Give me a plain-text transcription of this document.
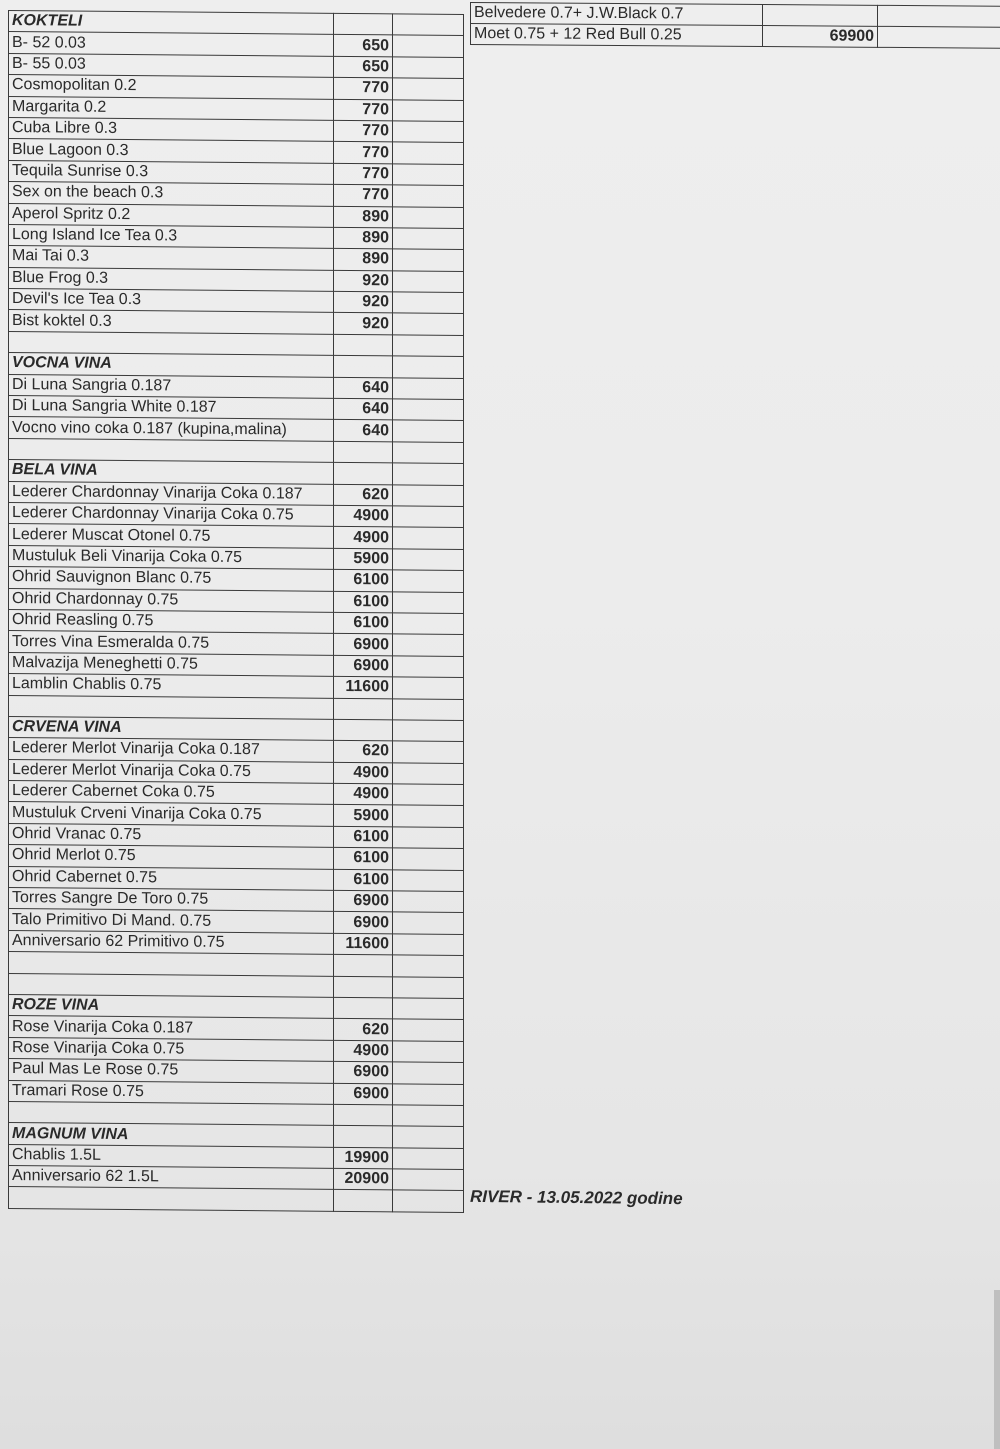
Belvedere 0.7+ J.W.Black 0.7		
Moet 0.75 + 12 Red Bull 0.25	69900	
KOKTELI		
B- 52 0.03	650	
B- 55 0.03	650	
Cosmopolitan 0.2	770	
Margarita 0.2	770	
Cuba Libre 0.3	770	
Blue Lagoon 0.3	770	
Tequila Sunrise 0.3	770	
Sex on the beach 0.3	770	
Aperol Spritz 0.2	890	
Long Island Ice Tea 0.3	890	
Mai Tai 0.3	890	
Blue Frog 0.3	920	
Devil's Ice Tea 0.3	920	
Bist koktel 0.3	920	

VOCNA VINA		
Di Luna Sangria 0.187	640	
Di Luna Sangria White 0.187	640	
Vocno vino coka 0.187 (kupina,malina)	640	

BELA VINA		
Lederer Chardonnay Vinarija Coka 0.187	620	
Lederer Chardonnay Vinarija Coka 0.75	4900	
Lederer Muscat Otonel 0.75	4900	
Mustuluk Beli Vinarija Coka 0.75	5900	
Ohrid Sauvignon Blanc 0.75	6100	
Ohrid Chardonnay 0.75	6100	
Ohrid Reasling 0.75	6100	
Torres Vina Esmeralda 0.75	6900	
Malvazija Meneghetti 0.75	6900	
Lamblin Chablis 0.75	11600	

CRVENA VINA		
Lederer Merlot Vinarija Coka 0.187	620	
Lederer Merlot Vinarija Coka 0.75	4900	
Lederer Cabernet Coka 0.75	4900	
Mustuluk Crveni Vinarija Coka 0.75	5900	
Ohrid Vranac 0.75	6100	
Ohrid Merlot 0.75	6100	
Ohrid Cabernet 0.75	6100	
Torres Sangre De Toro 0.75	6900	
Talo Primitivo Di Mand. 0.75	6900	
Anniversario 62 Primitivo 0.75	11600	

ROZE VINA		
Rose Vinarija Coka 0.187	620	
Rose Vinarija Coka 0.75	4900	
Paul Mas Le Rose 0.75	6900	
Tramari Rose 0.75	6900	

MAGNUM VINA		
Chablis 1.5L	19900	
Anniversario 62 1.5L	20900	

RIVER - 13.05.2022 godine
